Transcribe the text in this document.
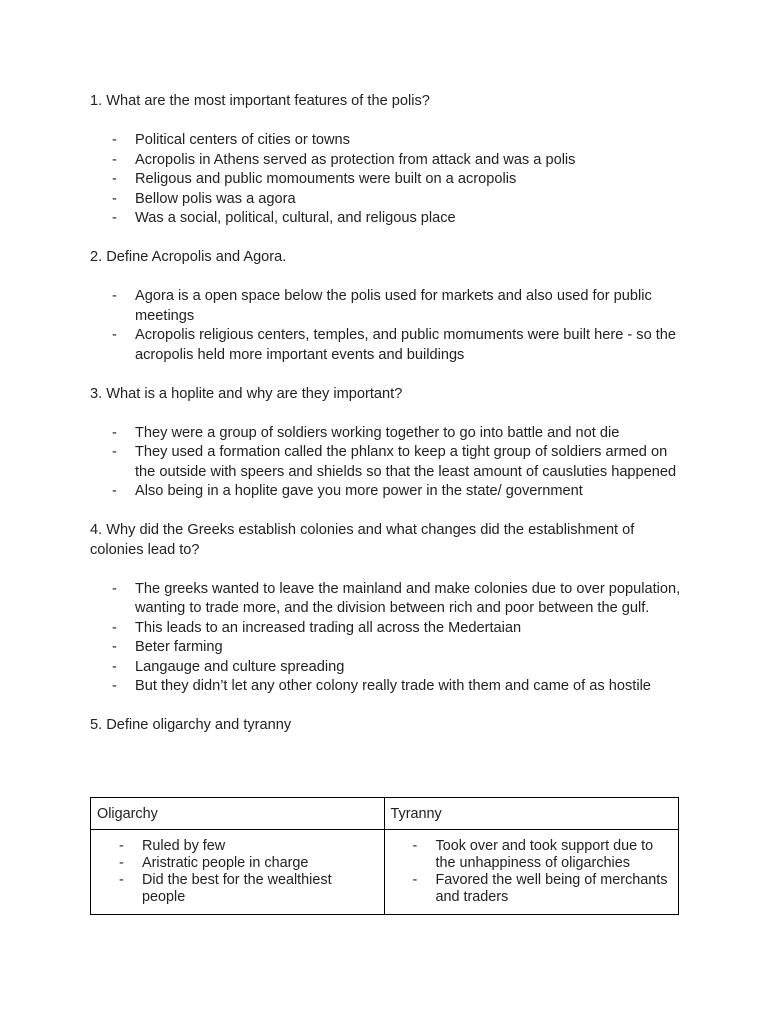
1. What are the most important features of the polis?

- Political centers of cities or towns
- Acropolis in Athens served as protection from attack and was a polis
- Religous and public momouments were built on a acropolis
- Bellow polis was a agora
- Was a social, political, cultural, and religous place

2. Define Acropolis and Agora.

- Agora is a open space below the polis used for markets and also used for public meetings
- Acropolis religious centers, temples, and public momuments were built here - so the acropolis held more important events and buildings

3. What is a hoplite and why are they important?

- They were a group of soldiers working together to go into battle and not die
- They used a formation called the phlanx to keep a tight group of soldiers armed on the outside with speers and shields so that the least amount of causluties happened
- Also being in a hoplite gave you more power in the state/ government

4. Why did the Greeks establish colonies and what changes did the establishment of colonies lead to?

- The greeks wanted to leave the mainland and make colonies due to over population, wanting to trade more, and the division between rich and poor between the gulf.
- This leads to an increased trading all across the Medertaian
- Beter farming
- Langauge and culture spreading
- But they didn’t let any other colony really trade with them and came of as hostile

5. Define oligarchy and tyranny

Oligarchy	Tyranny
- Ruled by few
- Aristratic people in charge
- Did the best for the wealthiest people
- Took over and took support due to the unhappiness of oligarchies
- Favored the well being of merchants and traders
